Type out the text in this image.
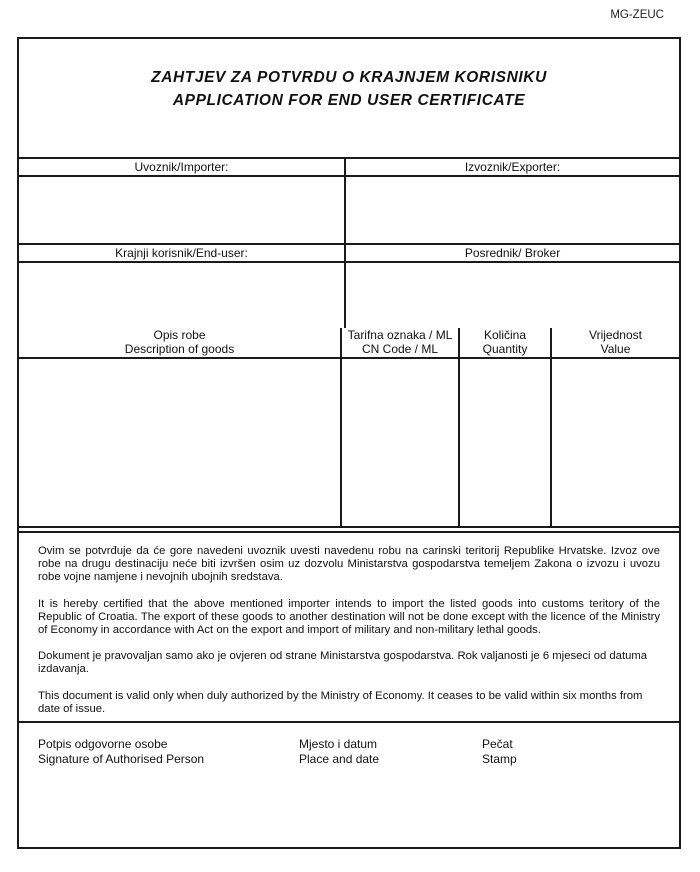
MG-ZEUC
ZAHTJEV ZA POTVRDU O KRAJNJEM KORISNIKU
APPLICATION FOR END USER CERTIFICATE
Uvoznik/Importer:	Izvoznik/Exporter:
Krajnji korisnik/End-user:	Posrednik/ Broker
Opis robe
Description of goods
Tarifna oznaka / ML
CN Code / ML
Količina
Quantity
Vrijednost
Value

Ovim se potvrđuje da će gore navedeni uvoznik uvesti navedenu robu na carinski teritorij Republike Hrvatske. Izvoz ove robe na drugu destinaciju neće biti izvršen osim uz dozvolu Ministarstva gospodarstva temeljem Zakona o izvozu i uvozu robe vojne namjene i nevojnih ubojnih sredstava.

It is hereby certified that the above mentioned importer intends to import the listed goods into customs teritory of the Republic of Croatia. The export of these goods to another destination will not be done except with the licence of the Ministry of Economy in accordance with Act on the export and import of military and non-military lethal goods.

Dokument je pravovaljan samo ako je ovjeren od strane Ministarstva gospodarstva. Rok valjanosti je 6 mjeseci od datuma izdavanja.

This document is valid only when duly authorized by the Ministry of Economy. It ceases to be valid within six months from date of issue.

Potpis odgovorne osobe
Signature of Authorised Person
Mjesto i datum
Place and date
Pečat
Stamp
